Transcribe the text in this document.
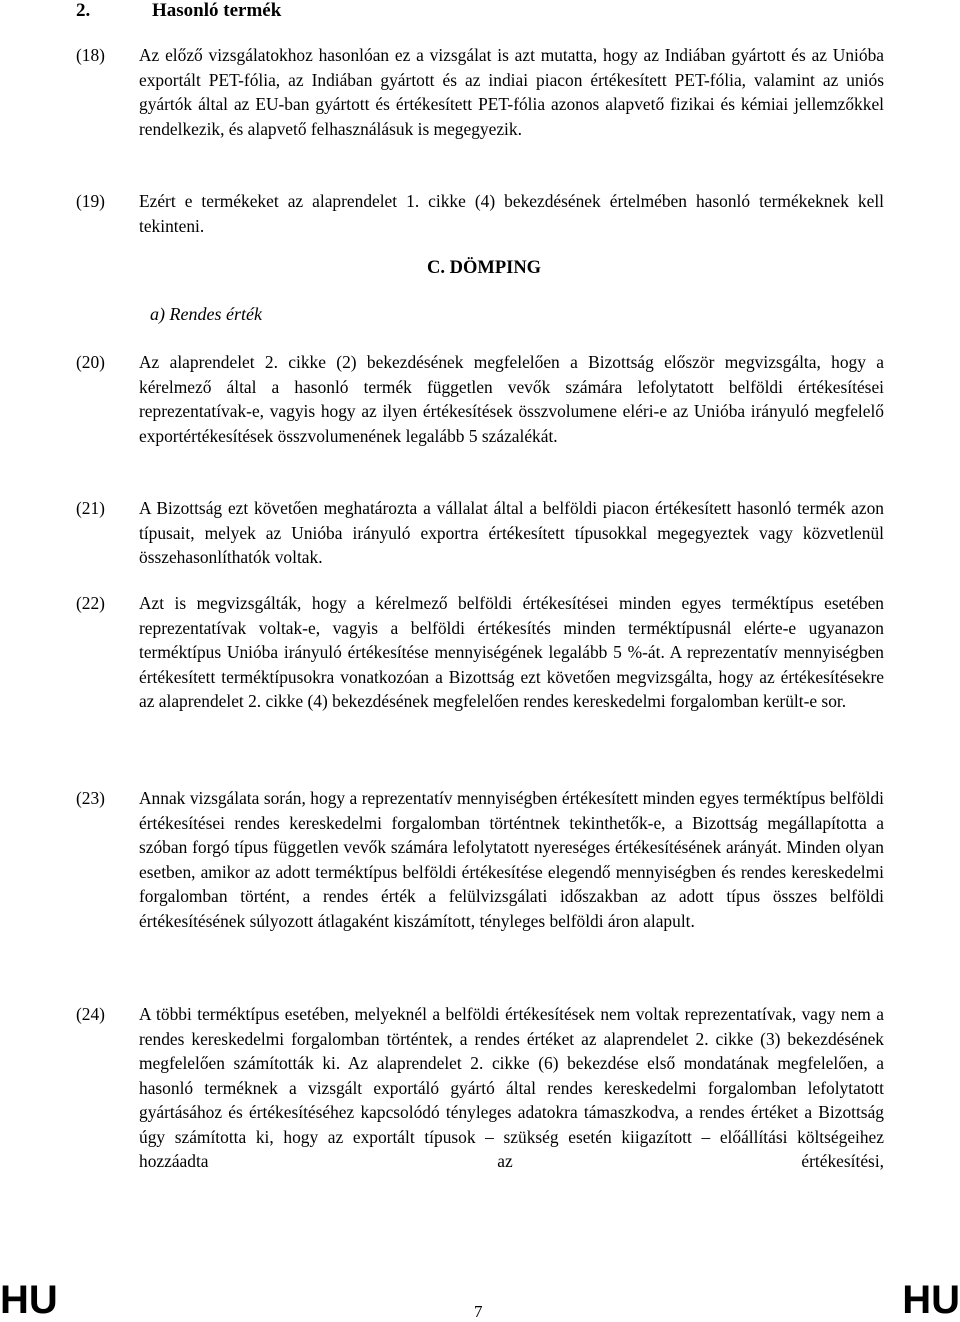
2.	Hasonló termék
(18) Az előző vizsgálatokhoz hasonlóan ez a vizsgálat is azt mutatta, hogy az Indiában gyártott és az Unióba exportált PET-fólia, az Indiában gyártott és az indiai piacon értékesített PET-fólia, valamint az uniós gyártók által az EU-ban gyártott és értékesített PET-fólia azonos alapvető fizikai és kémiai jellemzőkkel rendelkezik, és alapvető felhasználásuk is megegyezik.
(19) Ezért e termékeket az alaprendelet 1. cikke (4) bekezdésének értelmében hasonló termékeknek kell tekinteni.
C. DÖMPING
a) Rendes érték
(20) Az alaprendelet 2. cikke (2) bekezdésének megfelelően a Bizottság először megvizsgálta, hogy a kérelmező által a hasonló termék független vevők számára lefolytatott belföldi értékesítései reprezentatívak-e, vagyis hogy az ilyen értékesítések összvolumene eléri-e az Unióba irányuló megfelelő exportértékesítések összvolumenének legalább 5 százalékát.
(21) A Bizottság ezt követően meghatározta a vállalat által a belföldi piacon értékesített hasonló termék azon típusait, melyek az Unióba irányuló exportra értékesített típusokkal megegyeztek vagy közvetlenül összehasonlíthatók voltak.
(22) Azt is megvizsgálták, hogy a kérelmező belföldi értékesítései minden egyes terméktípus esetében reprezentatívak voltak-e, vagyis a belföldi értékesítés minden terméktípusnál elérte-e ugyanazon terméktípus Unióba irányuló értékesítése mennyiségének legalább 5 %-át. A reprezentatív mennyiségben értékesített terméktípusokra vonatkozóan a Bizottság ezt követően megvizsgálta, hogy az értékesítésekre az alaprendelet 2. cikke (4) bekezdésének megfelelően rendes kereskedelmi forgalomban került-e sor.
(23) Annak vizsgálata során, hogy a reprezentatív mennyiségben értékesített minden egyes terméktípus belföldi értékesítései rendes kereskedelmi forgalomban történtnek tekinthetők-e, a Bizottság megállapította a szóban forgó típus független vevők számára lefolytatott nyereséges értékesítésének arányát. Minden olyan esetben, amikor az adott terméktípus belföldi értékesítése elegendő mennyiségben és rendes kereskedelmi forgalomban történt, a rendes érték a felülvizsgálati időszakban az adott típus összes belföldi értékesítésének súlyozott átlagaként kiszámított, tényleges belföldi áron alapult.
(24) A többi terméktípus esetében, melyeknél a belföldi értékesítések nem voltak reprezentatívak, vagy nem a rendes kereskedelmi forgalomban történtek, a rendes értéket az alaprendelet 2. cikke (3) bekezdésének megfelelően számították ki. Az alaprendelet 2. cikke (6) bekezdése első mondatának megfelelően, a hasonló terméknek a vizsgált exportáló gyártó által rendes kereskedelmi forgalomban lefolytatott gyártásához és értékesítéséhez kapcsolódó tényleges adatokra támaszkodva, a rendes értéket a Bizottság úgy számította ki, hogy az exportált típusok – szükség esetén kiigazított – előállítási költségeihez hozzáadta az értékesítési,
HU	7	HU
